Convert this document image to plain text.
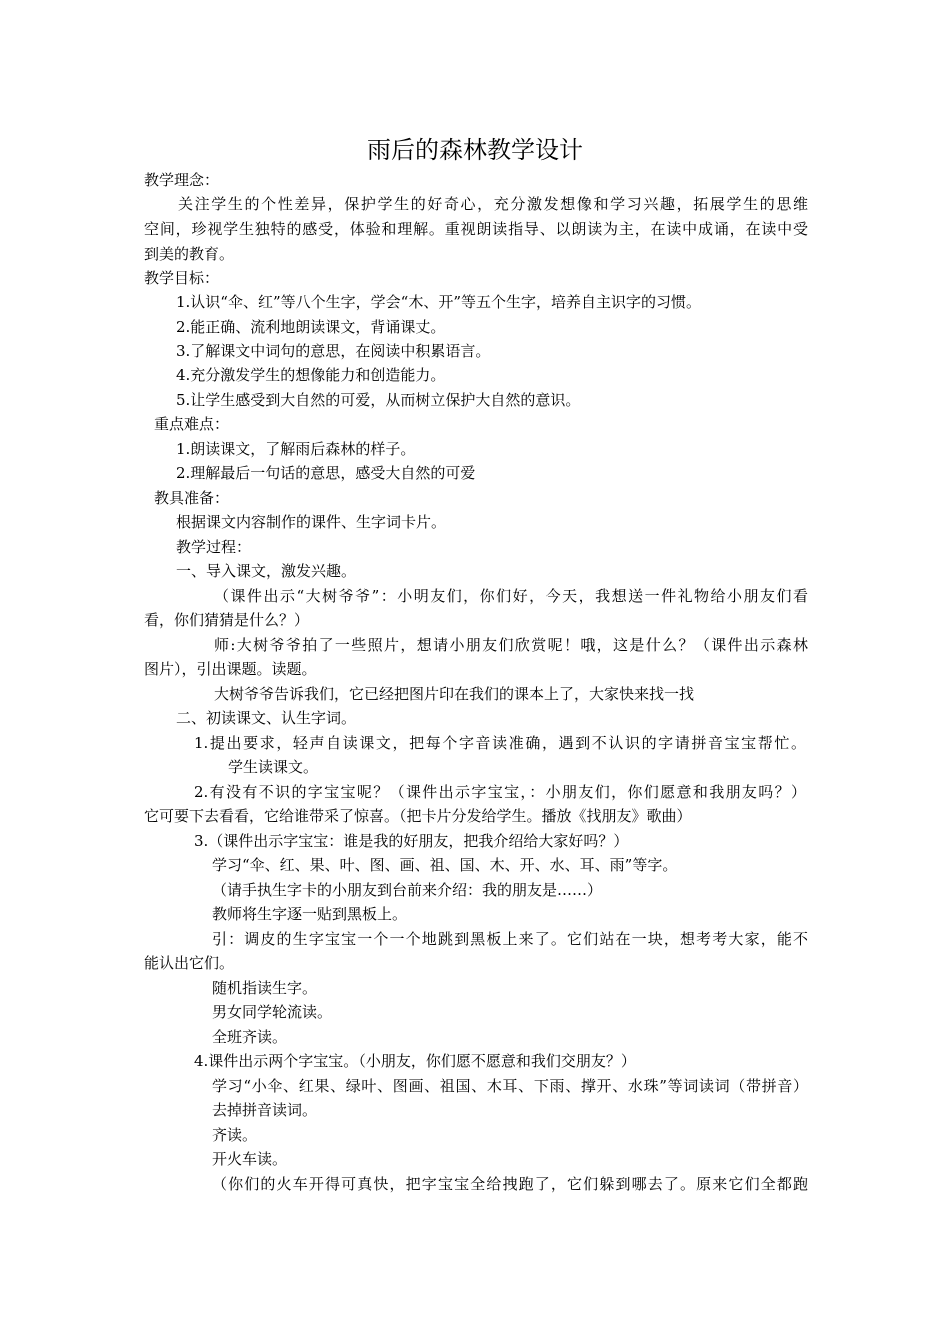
雨后的森林教学设计
教学理念：
关注学生的个性差异，保护学生的好奇心，充分激发想像和学习兴趣，拓展学生的思维
空间，珍视学生独特的感受，体验和理解。重视朗读指导、以朗读为主，在读中成诵，在读中受
到美的教育。
教学目标：
1.认识“伞、红”等八个生字，学会“木、开”等五个生字，培养自主识字的习惯。
2.能正确、流利地朗读课文，背诵课丈。
3.了解课文中词句的意思，在阅读中积累语言。
4.充分激发学生的想像能力和创造能力。
5.让学生感受到大自然的可爱，从而树立保护大自然的意识。
重点难点：
1.朗读课文，了解雨后森林的样子。
2.理解最后一句话的意思，感受大自然的可爱
教具准备：
根据课文内容制作的课件、生字词卡片。
教学过程：
一、导入课文，激发兴趣。
（课件出示“大树爷爷”：小明友们，你们好，今天，我想送一件礼物给小朋友们看
看，你们猜猜是什么？）
师:大树爷爷拍了一些照片，想请小朋友们欣赏呢！哦，这是什么？（课件出示森林
图片），引出课题。读题。
大树爷爷告诉我们，它已经把图片印在我们的课本上了，大家快来找一找
二、初读课文、认生字词。
1.提出要求，轻声自读课文，把每个字音读准确，遇到不认识的字请拼音宝宝帮忙。
学生读课文。
2.有没有不识的字宝宝呢？（课件出示字宝宝，：小朋友们，你们愿意和我朋友吗？）
它可要下去看看，它给谁带采了惊喜。（把卡片分发给学生。播放《找朋友》歌曲）
3.（课件出示字宝宝：谁是我的好朋友，把我介绍给大家好吗？）
学习“伞、红、果、叶、图、画、祖、国、木、开、水、耳、雨”等字。
（请手执生字卡的小朋友到台前来介绍：我的朋友是……）
教师将生字逐一贴到黑板上。
引：调皮的生字宝宝一个一个地跳到黑板上来了。它们站在一块，想考考大家，能不
能认出它们。
随机指读生字。
男女同学轮流读。
全班齐读。
4.课件出示两个字宝宝。（小朋友，你们愿不愿意和我们交朋友？）
学习“小伞、红果、绿叶、图画、祖国、木耳、下雨、撑开、水珠”等词读词（带拼音）
去掉拼音读词。
齐读。
开火车读。
（你们的火车开得可真快，把字宝宝全给拽跑了，它们躲到哪去了。原来它们全都跑
